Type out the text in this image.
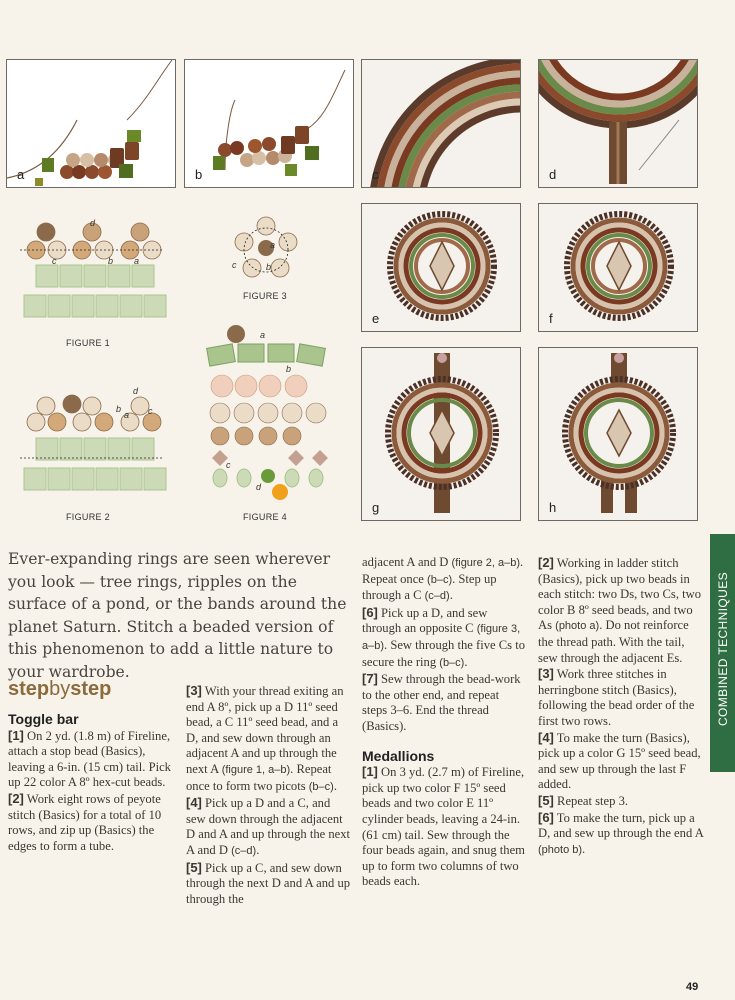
a	b	c	d
e	f
g	h
d
c	b a
FIGURE 1
d
b
a c
FIGURE 2
a
b
c
FIGURE 3
a
b
c
d
FIGURE 4
Ever-expanding rings are seen wherever you look — tree rings, ripples on the surface of a pond, or the bands around the planet Saturn. Stitch a beaded version of this phenomenon to add a little nature to your wardrobe.
stepbystep

Toggle bar

[1] On 2 yd. (1.8 m) of Fireline, attach a stop bead (Basics), leaving a 6-in. (15 cm) tail. Pick up 22 color A 8º hex-cut beads.

[2] Work eight rows of peyote stitch (Basics) for a total of 10 rows, and zip up (Basics) the edges to form a tube.

[3] With your thread exiting an end A 8º, pick up a D 11º seed bead, a C 11º seed bead, and a D, and sew down through an adjacent A and up through the next A (figure 1, a–b). Repeat once to form two picots (b–c).

[4] Pick up a D and a C, and sew down through the adjacent D and A and up through the next A and D (c–d).

[5] Pick up a C, and sew down through the next D and A and up through the

adjacent A and D (figure 2, a–b). Repeat once (b–c). Step up through a C (c–d).

[6] Pick up a D, and sew through an opposite C (figure 3, a–b). Sew through the five Cs to secure the ring (b–c).

[7] Sew through the bead-work to the other end, and repeat steps 3–6. End the thread (Basics).

Medallions

[1] On 3 yd. (2.7 m) of Fireline, pick up two color F 15º seed beads and two color E 11º cylinder beads, leaving a 24-in. (61 cm) tail. Sew through the four beads again, and snug them up to form two columns of two beads each.

[2] Working in ladder stitch (Basics), pick up two beads in each stitch: two Ds, two Cs, two color B 8º seed beads, and two As (photo a). Do not reinforce the thread path. With the tail, sew through the adjacent Es.

[3] Work three stitches in herringbone stitch (Basics), following the bead order of the first two rows.

[4] To make the turn (Basics), pick up a color G 15º seed bead, and sew up through the last F added.

[5] Repeat step 3.

[6] To make the turn, pick up a D, and sew up through the end A (photo b).

COMBINED TECHNIQUES
49
